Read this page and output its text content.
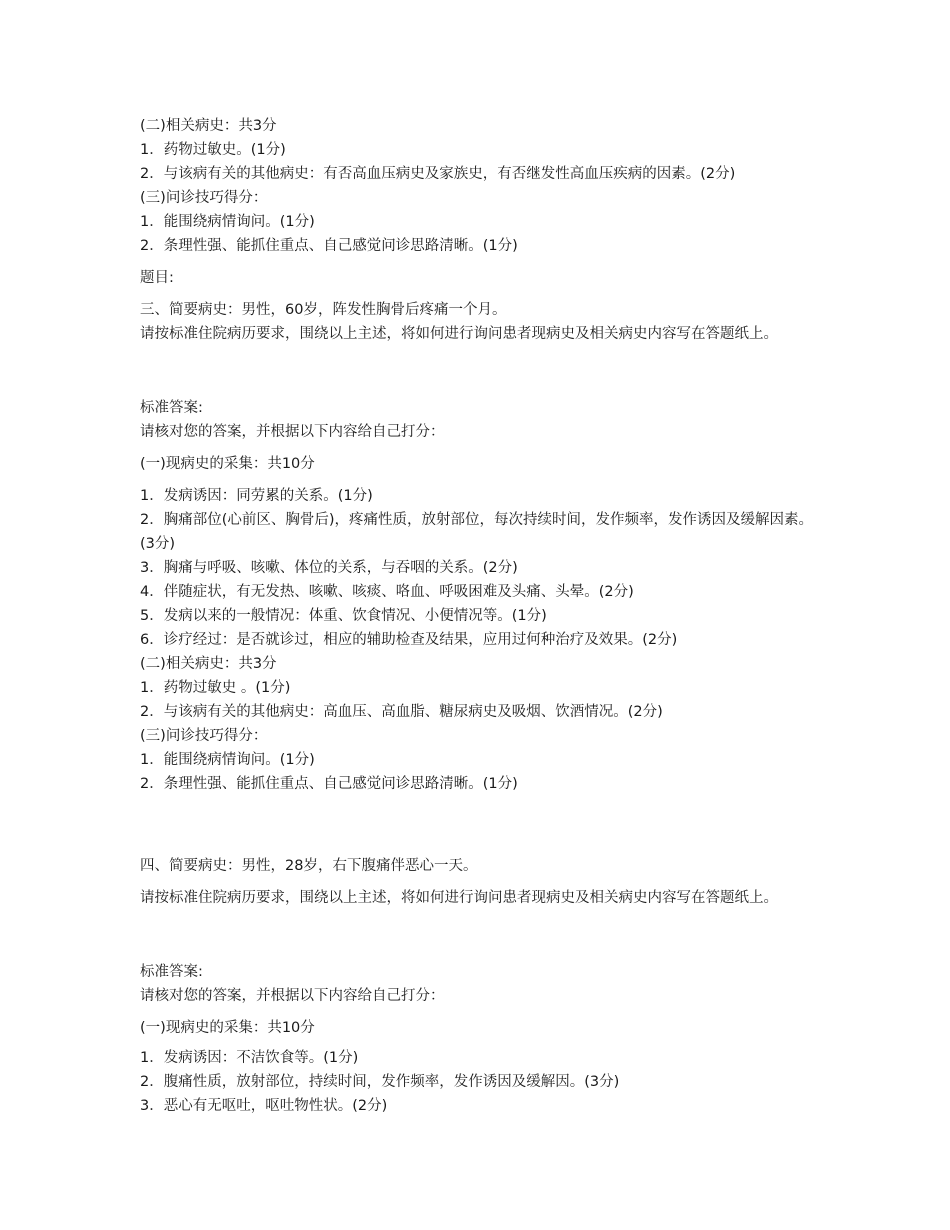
(二)相关病史：共3分
1．药物过敏史。(1分)
2．与该病有关的其他病史：有否高血压病史及家族史，有否继发性高血压疾病的因素。(2分)
(三)问诊技巧得分：
1．能围绕病情询问。(1分)
2．条理性强、能抓住重点、自己感觉问诊思路清晰。(1分)
题目:
三、简要病史：男性，60岁，阵发性胸骨后疼痛一个月。
请按标准住院病历要求，围绕以上主述，将如何进行询问患者现病史及相关病史内容写在答题纸上。
标准答案:
请核对您的答案，并根据以下内容给自己打分：
(一)现病史的采集：共10分
1．发病诱因：同劳累的关系。(1分)
2．胸痛部位(心前区、胸骨后)，疼痛性质，放射部位，每次持续时间，发作频率，发作诱因及缓解因素。(3分)
3．胸痛与呼吸、咳嗽、体位的关系，与吞咽的关系。(2分)
4．伴随症状，有无发热、咳嗽、咳痰、咯血、呼吸困难及头痛、头晕。(2分)
5．发病以来的一般情况：体重、饮食情况、小便情况等。(1分)
6．诊疗经过：是否就诊过，相应的辅助检查及结果，应用过何种治疗及效果。(2分)
(二)相关病史：共3分
1．药物过敏史 。(1分)
2．与该病有关的其他病史：高血压、高血脂、糖尿病史及吸烟、饮酒情况。(2分)
(三)问诊技巧得分：
1．能围绕病情询问。(1分)
2．条理性强、能抓住重点、自己感觉问诊思路清晰。(1分)
四、简要病史：男性，28岁，右下腹痛伴恶心一天。
请按标准住院病历要求，围绕以上主述，将如何进行询问患者现病史及相关病史内容写在答题纸上。
标准答案:
请核对您的答案，并根据以下内容给自己打分：
(一)现病史的采集：共10分
1．发病诱因：不洁饮食等。(1分)
2．腹痛性质，放射部位，持续时间，发作频率，发作诱因及缓解因。(3分)
3．恶心有无呕吐，呕吐物性状。(2分)
